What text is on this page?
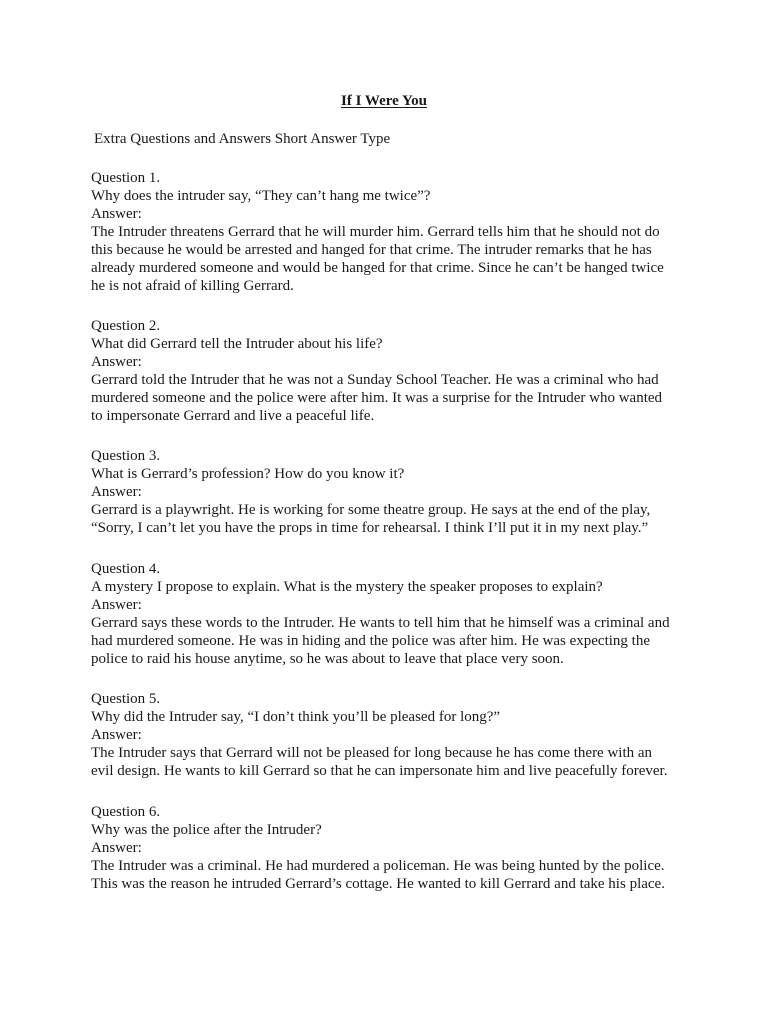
If I Were You

Extra Questions and Answers Short Answer Type

Question 1.

Why does the intruder say, “They can’t hang me twice”?

Answer:

The Intruder threatens Gerrard that he will murder him. Gerrard tells him that he should not do

this because he would be arrested and hanged for that crime. The intruder remarks that he has

already murdered someone and would be hanged for that crime. Since he can’t be hanged twice

he is not afraid of killing Gerrard.

Question 2.

What did Gerrard tell the Intruder about his life?

Answer:

Gerrard told the Intruder that he was not a Sunday School Teacher. He was a criminal who had

murdered someone and the police were after him. It was a surprise for the Intruder who wanted

to impersonate Gerrard and live a peaceful life.

Question 3.

What is Gerrard’s profession? How do you know it?

Answer:

Gerrard is a playwright. He is working for some theatre group. He says at the end of the play,

“Sorry, I can’t let you have the props in time for rehearsal. I think I’ll put it in my next play.”

Question 4.

A mystery I propose to explain. What is the mystery the speaker proposes to explain?

Answer:

Gerrard says these words to the Intruder. He wants to tell him that he himself was a criminal and

had murdered someone. He was in hiding and the police was after him. He was expecting the

police to raid his house anytime, so he was about to leave that place very soon.

Question 5.

Why did the Intruder say, “I don’t think you’ll be pleased for long?”

Answer:

The Intruder says that Gerrard will not be pleased for long because he has come there with an

evil design. He wants to kill Gerrard so that he can impersonate him and live peacefully forever.

Question 6.

Why was the police after the Intruder?

Answer:

The Intruder was a criminal. He had murdered a policeman. He was being hunted by the police.

This was the reason he intruded Gerrard’s cottage. He wanted to kill Gerrard and take his place.
